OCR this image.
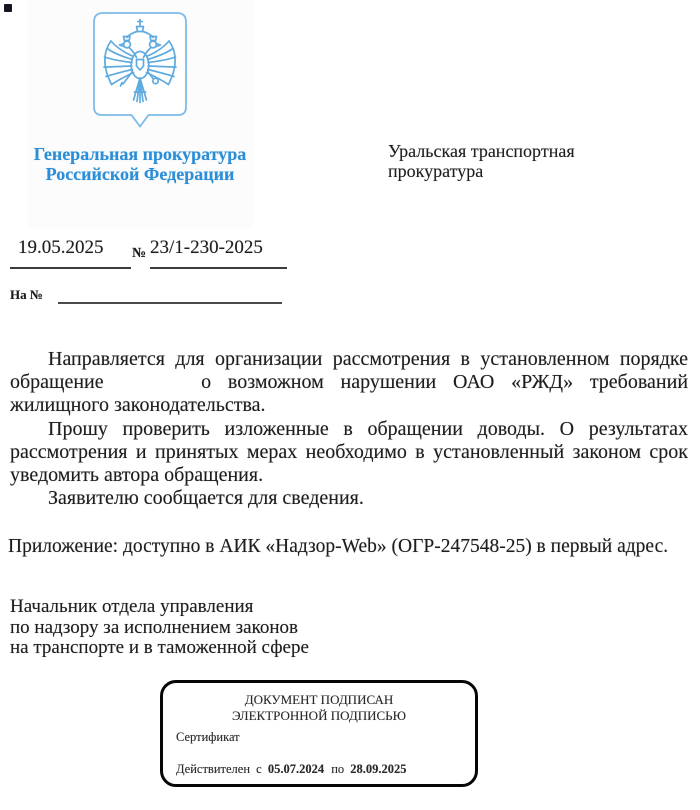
Генеральная прокуратура
Российской Федерации
Уральская транспортная
прокуратура
19.05.2025 № 23/1-230-2025
На №
Направляется для организации рассмотрения в установленном порядке
обращение	о возможном нарушении ОАО «РЖД» требований
жилищного законодательства.
Прошу проверить изложенные в обращении доводы. О результатах
рассмотрения и принятых мерах необходимо в установленный законом срок
уведомить автора обращения.
Заявителю сообщается для сведения.
Приложение: доступно в АИК «Надзор-Web» (ОГР-247548-25) в первый адрес.
Начальник отдела управления
по надзору за исполнением законов
на транспорте и в таможенной сфере
ДОКУМЕНТ ПОДПИСАН
ЭЛЕКТРОННОЙ ПОДПИСЬЮ
Сертификат
Действителен с 05.07.2024 по 28.09.2025
